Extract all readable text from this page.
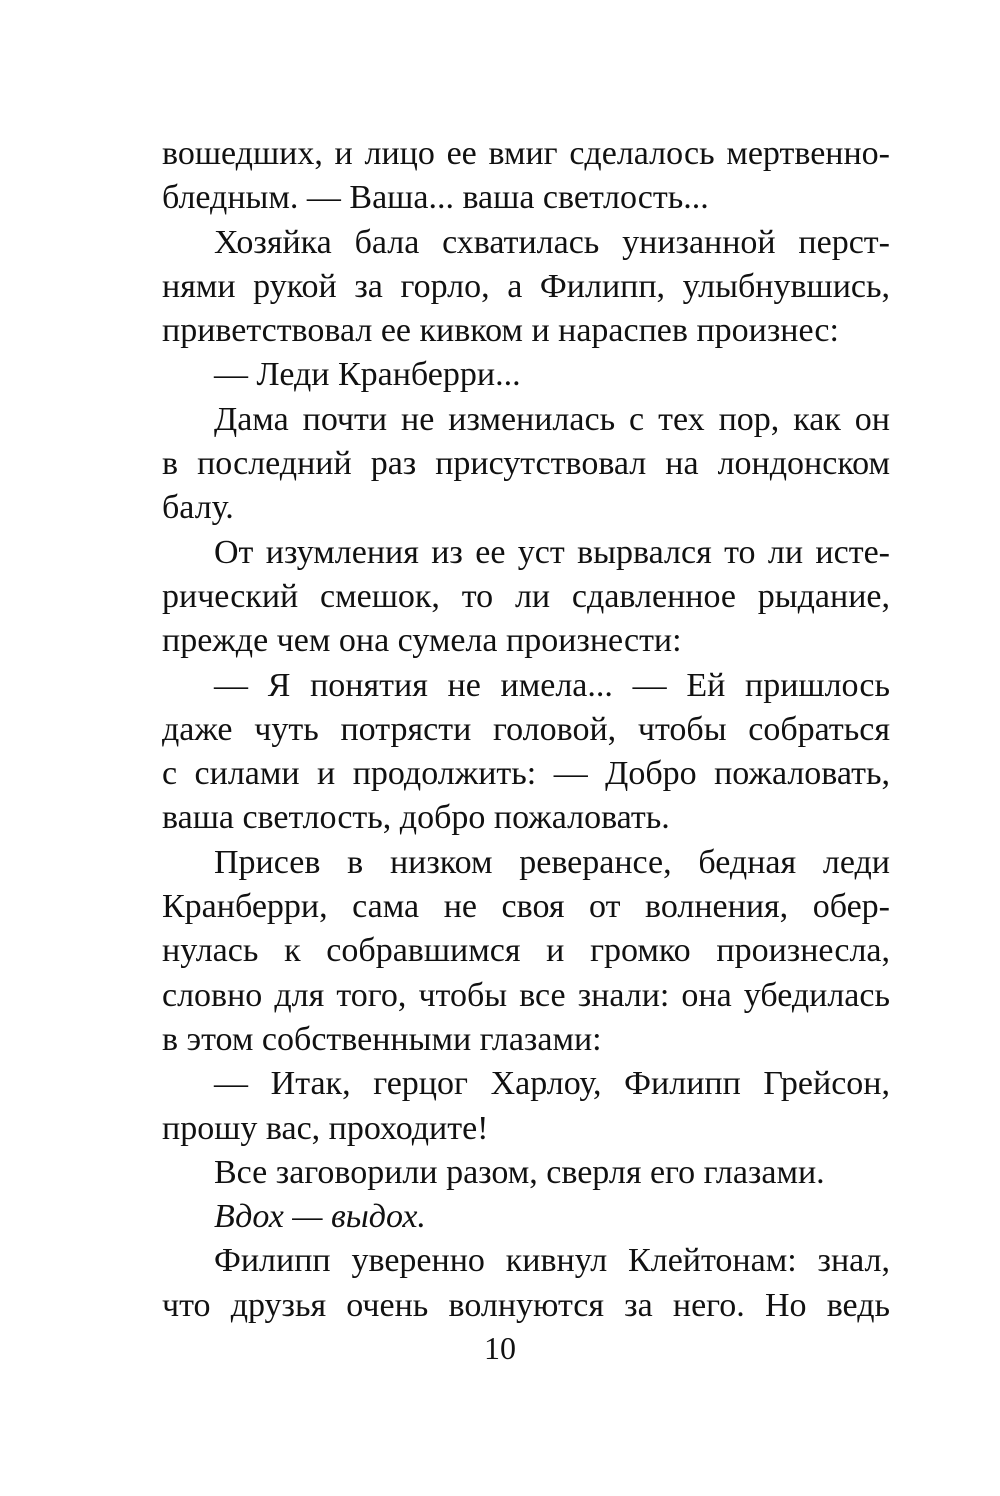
вошедших, и лицо ее вмиг сделалось мертвенно-
бледным. — Ваша... ваша светлость...
Хозяйка бала схватилась унизанной перст-
нями рукой за горло, а Филипп, улыбнувшись,
приветствовал ее кивком и нараспев произнес:
— Леди Кранберри...
Дама почти не изменилась с тех пор, как он
в последний раз присутствовал на лондонском
балу.
От изумления из ее уст вырвался то ли исте-
рический смешок, то ли сдавленное рыдание,
прежде чем она сумела произнести:
— Я понятия не имела... — Ей пришлось
даже чуть потрясти головой, чтобы собраться
с силами и продолжить: — Добро пожаловать,
ваша светлость, добро пожаловать.
Присев в низком реверансе, бедная леди
Кранберри, сама не своя от волнения, обер-
нулась к собравшимся и громко произнесла,
словно для того, чтобы все знали: она убедилась
в этом собственными глазами:
— Итак, герцог Харлоу, Филипп Грейсон,
прошу вас, проходите!
Все заговорили разом, сверля его глазами.
Вдох — выдох.
Филипп уверенно кивнул Клейтонам: знал,
что друзья очень волнуются за него. Но ведь
10
